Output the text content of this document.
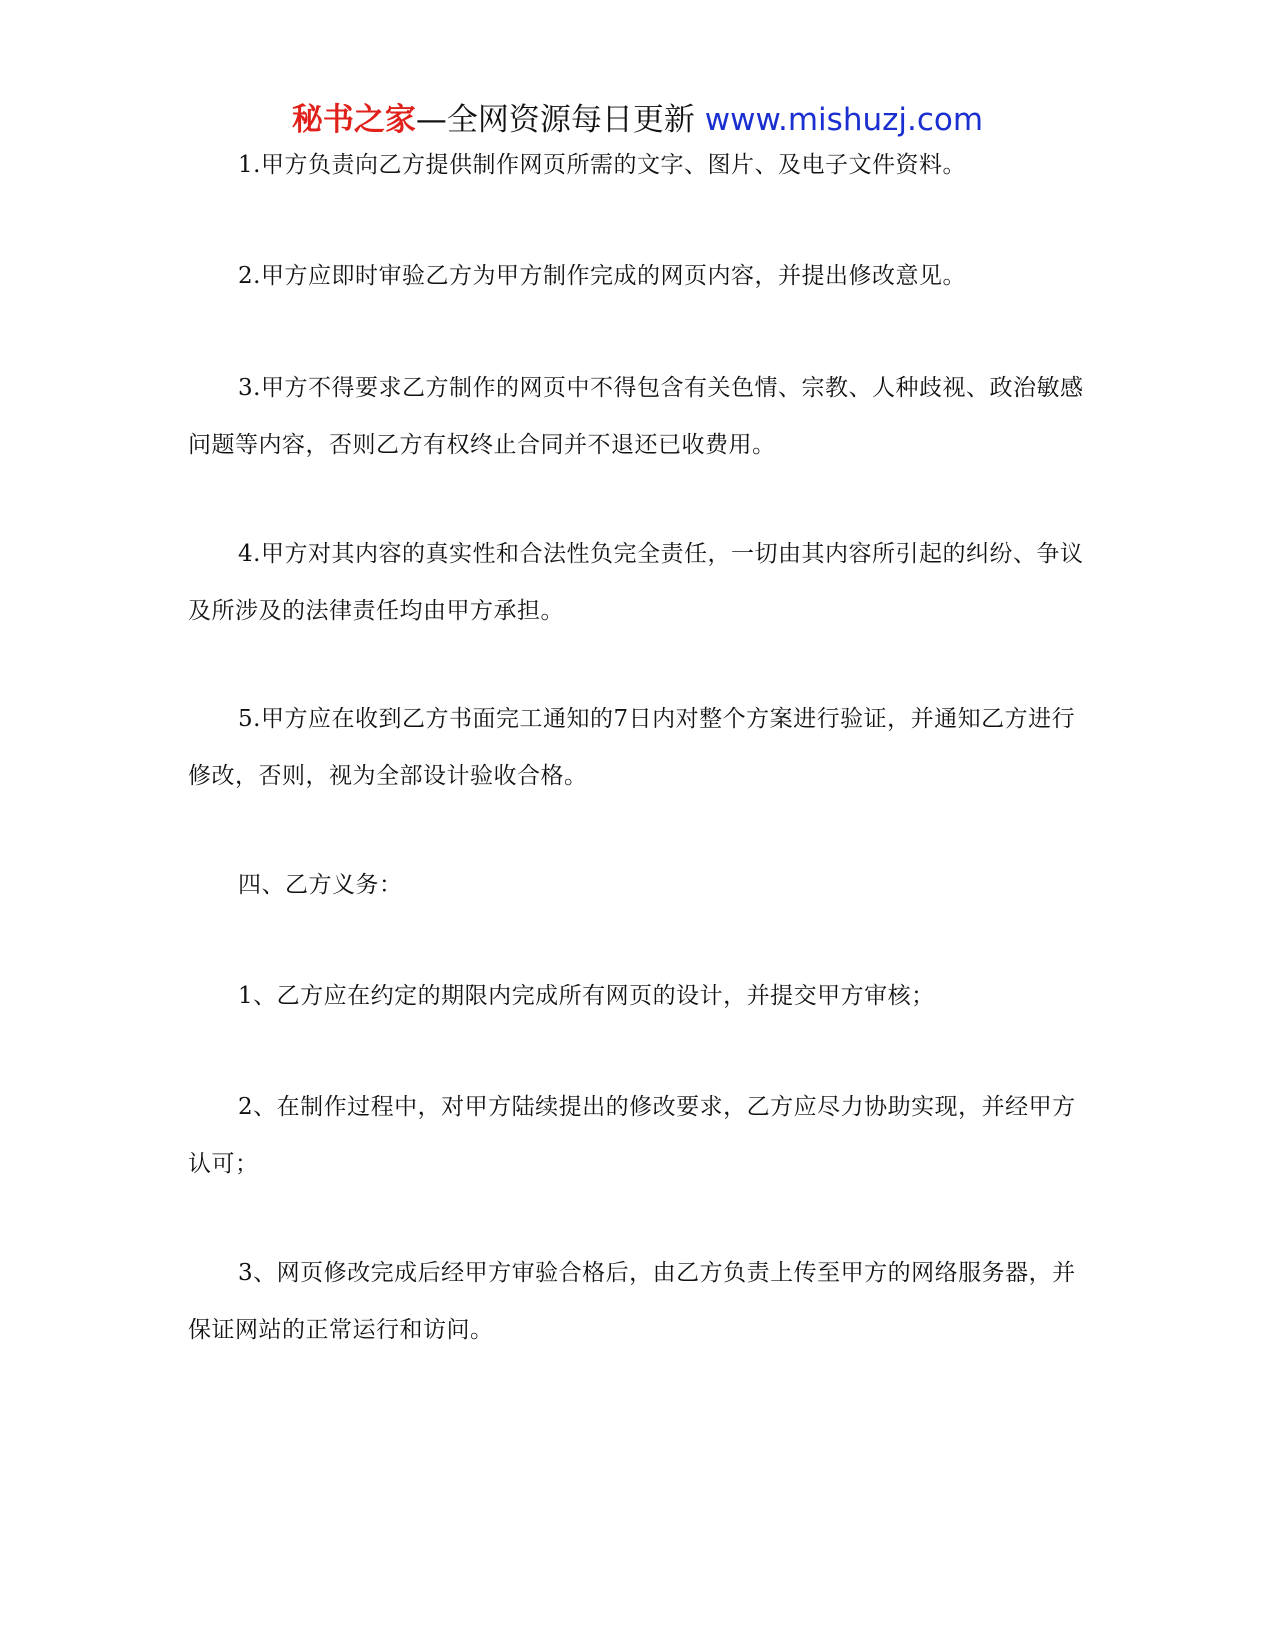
秘书之家—全网资源每日更新 www.mishuzj.com

1.甲方负责向乙方提供制作网页所需的文字、图片、及电子文件资料。

2.甲方应即时审验乙方为甲方制作完成的网页内容，并提出修改意见。

3.甲方不得要求乙方制作的网页中不得包含有关色情、宗教、人种歧视、政治敏感问题等内容，否则乙方有权终止合同并不退还已收费用。

4.甲方对其内容的真实性和合法性负完全责任，一切由其内容所引起的纠纷、争议及所涉及的法律责任均由甲方承担。

5.甲方应在收到乙方书面完工通知的7日内对整个方案进行验证，并通知乙方进行修改，否则，视为全部设计验收合格。

四、乙方义务：

1、乙方应在约定的期限内完成所有网页的设计，并提交甲方审核；

2、在制作过程中，对甲方陆续提出的修改要求，乙方应尽力协助实现，并经甲方认可；

3、网页修改完成后经甲方审验合格后，由乙方负责上传至甲方的网络服务器，并保证网站的正常运行和访问。
